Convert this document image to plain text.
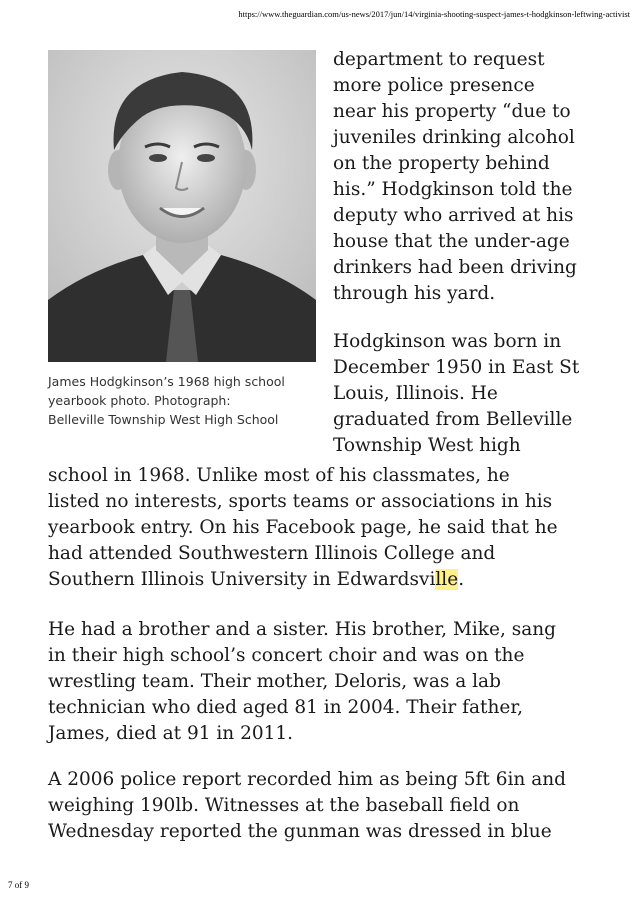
https://www.theguardian.com/us-news/2017/jun/14/virginia-shooting-suspect-james-t-hodgkinson-leftwing-activist
James Hodgkinson’s 1968 high school
yearbook photo. Photograph:
Belleville Township West High School
department to request
more police presence
near his property “due to
juveniles drinking alcohol
on the property behind
his.” Hodgkinson told the
deputy who arrived at his
house that the under-age
drinkers had been driving
through his yard.
Hodgkinson was born in
December 1950 in East St
Louis, Illinois. He
graduated from Belleville
Township West high
school in 1968. Unlike most of his classmates, he
listed no interests, sports teams or associations in his
yearbook entry. On his Facebook page, he said that he
had attended Southwestern Illinois College and
Southern Illinois University in Edwardsville.
He had a brother and a sister. His brother, Mike, sang
in their high school’s concert choir and was on the
wrestling team. Their mother, Deloris, was a lab
technician who died aged 81 in 2004. Their father,
James, died at 91 in 2011.
A 2006 police report recorded him as being 5ft 6in and
weighing 190lb. Witnesses at the baseball field on
Wednesday reported the gunman was dressed in blue
7 of 9
